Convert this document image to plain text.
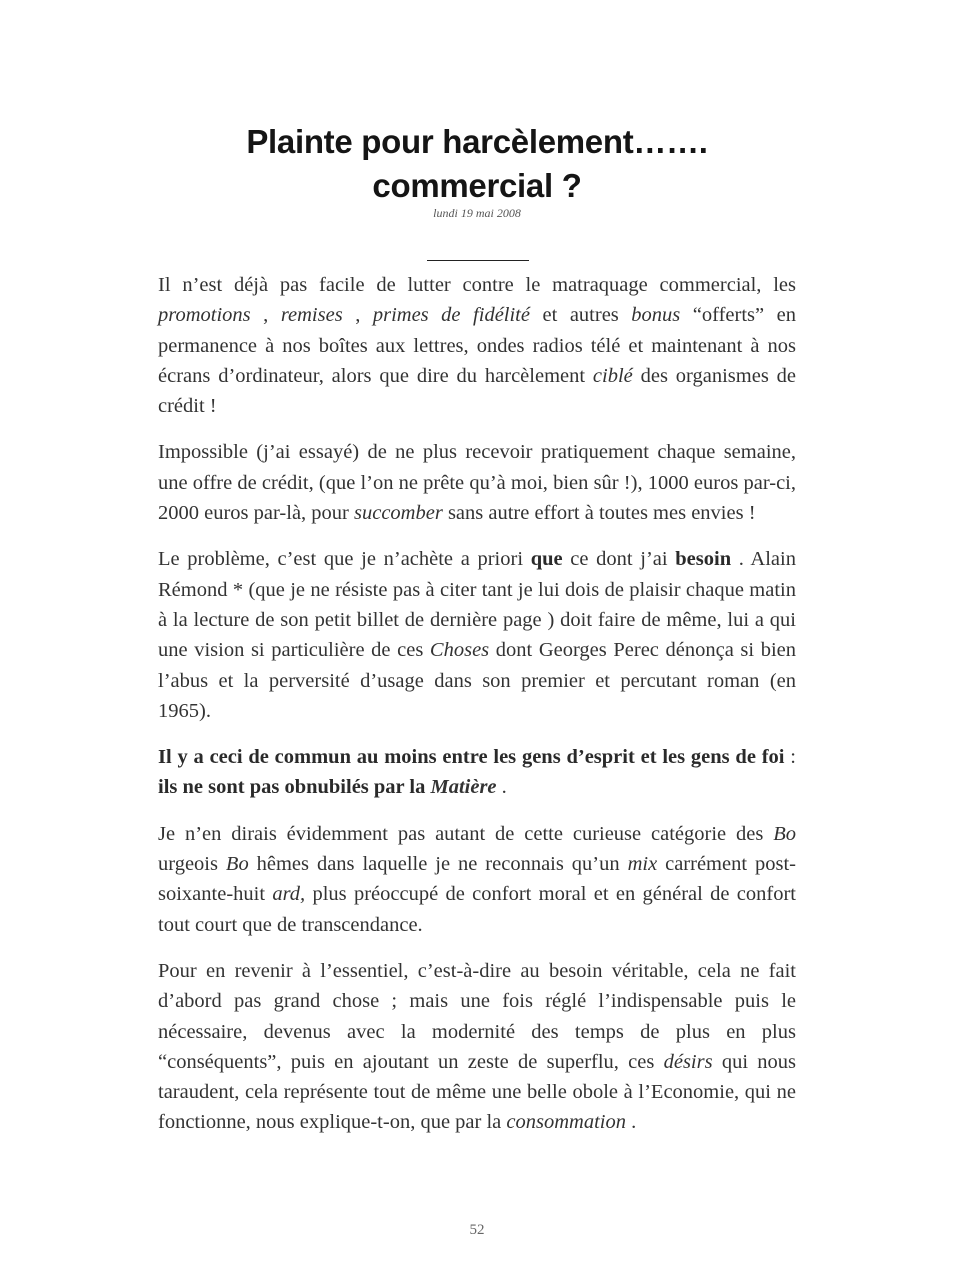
Plainte pour harcèlement…….
commercial ?
lundi 19 mai 2008

Il n’est déjà pas facile de lutter contre le matraquage commercial, les promotions , remises , primes de fidélité et autres bonus “offerts” en permanence à nos boîtes aux lettres, ondes radios télé et maintenant à nos écrans d’ordinateur, alors que dire du harcèlement ciblé des organismes de crédit !

Impossible (j’ai essayé) de ne plus recevoir pratiquement chaque semaine, une offre de crédit, (que l’on ne prête qu’à moi, bien sûr !), 1000 euros par-ci, 2000 euros par-là, pour succomber sans autre effort à toutes mes envies !

Le problème, c’est que je n’achète a priori que ce dont j’ai besoin . Alain Rémond * (que je ne résiste pas à citer tant je lui dois de plaisir chaque matin à la lecture de son petit billet de dernière page ) doit faire de même, lui a qui une vision si particulière de ces Choses dont Georges Perec dénonça si bien l’abus et la perversité d’usage dans son premier et percutant roman (en 1965).

Il y a ceci de commun au moins entre les gens d’esprit et les gens de foi : ils ne sont pas obnubilés par la Matière .

Je n’en dirais évidemment pas autant de cette curieuse catégorie des Bo urgeois Bo hêmes dans laquelle je ne reconnais qu’un mix carrément post-soixante-huit ard, plus préoccupé de confort moral et en général de confort tout court que de transcendance.

Pour en revenir à l’essentiel, c’est-à-dire au besoin véritable, cela ne fait d’abord pas grand chose ; mais une fois réglé l’indispensable puis le nécessaire, devenus avec la modernité des temps de plus en plus “conséquents”, puis en ajoutant un zeste de superflu, ces désirs qui nous taraudent, cela représente tout de même une belle obole à l’Economie, qui ne fonctionne, nous explique-t-on, que par la consommation .

52
